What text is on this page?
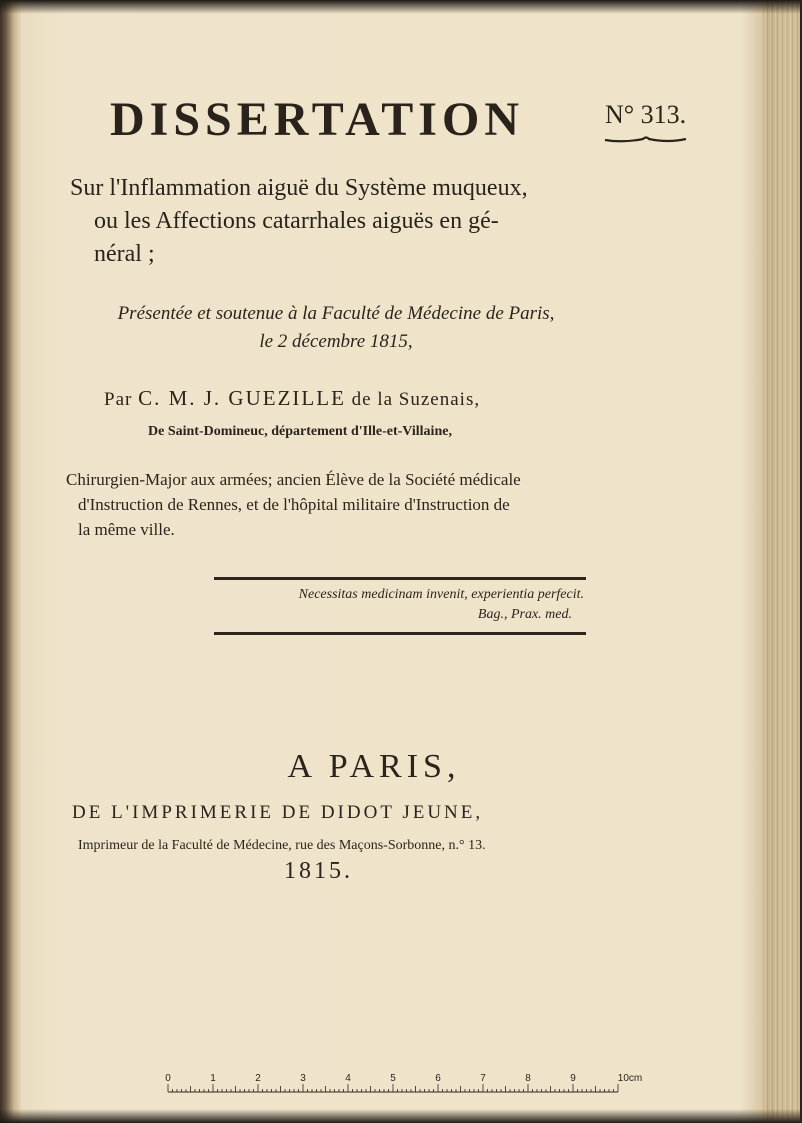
DISSERTATION	N° 313.
Sur l'Inflammation aiguë du Système muqueux,
ou les Affections catarrhales aiguës en gé-
néral ;
Présentée et soutenue à la Faculté de Médecine de Paris,
le 2 décembre 1815,
Par C. M. J. GUEZILLE de la Suzenais,
De Saint-Domineuc, département d'Ille-et-Villaine,
Chirurgien-Major aux armées; ancien Élève de la Société médicale
d'Instruction de Rennes, et de l'hôpital militaire d'Instruction de
la même ville.
Necessitas medicinam invenit, experientia perfecit.
Bag., Prax. med.
A PARIS,
DE L'IMPRIMERIE DE DIDOT JEUNE,
Imprimeur de la Faculté de Médecine, rue des Maçons-Sorbonne, n.° 13.
1815.
0	1	2	3	4	5	6	7	8	9	10cm
